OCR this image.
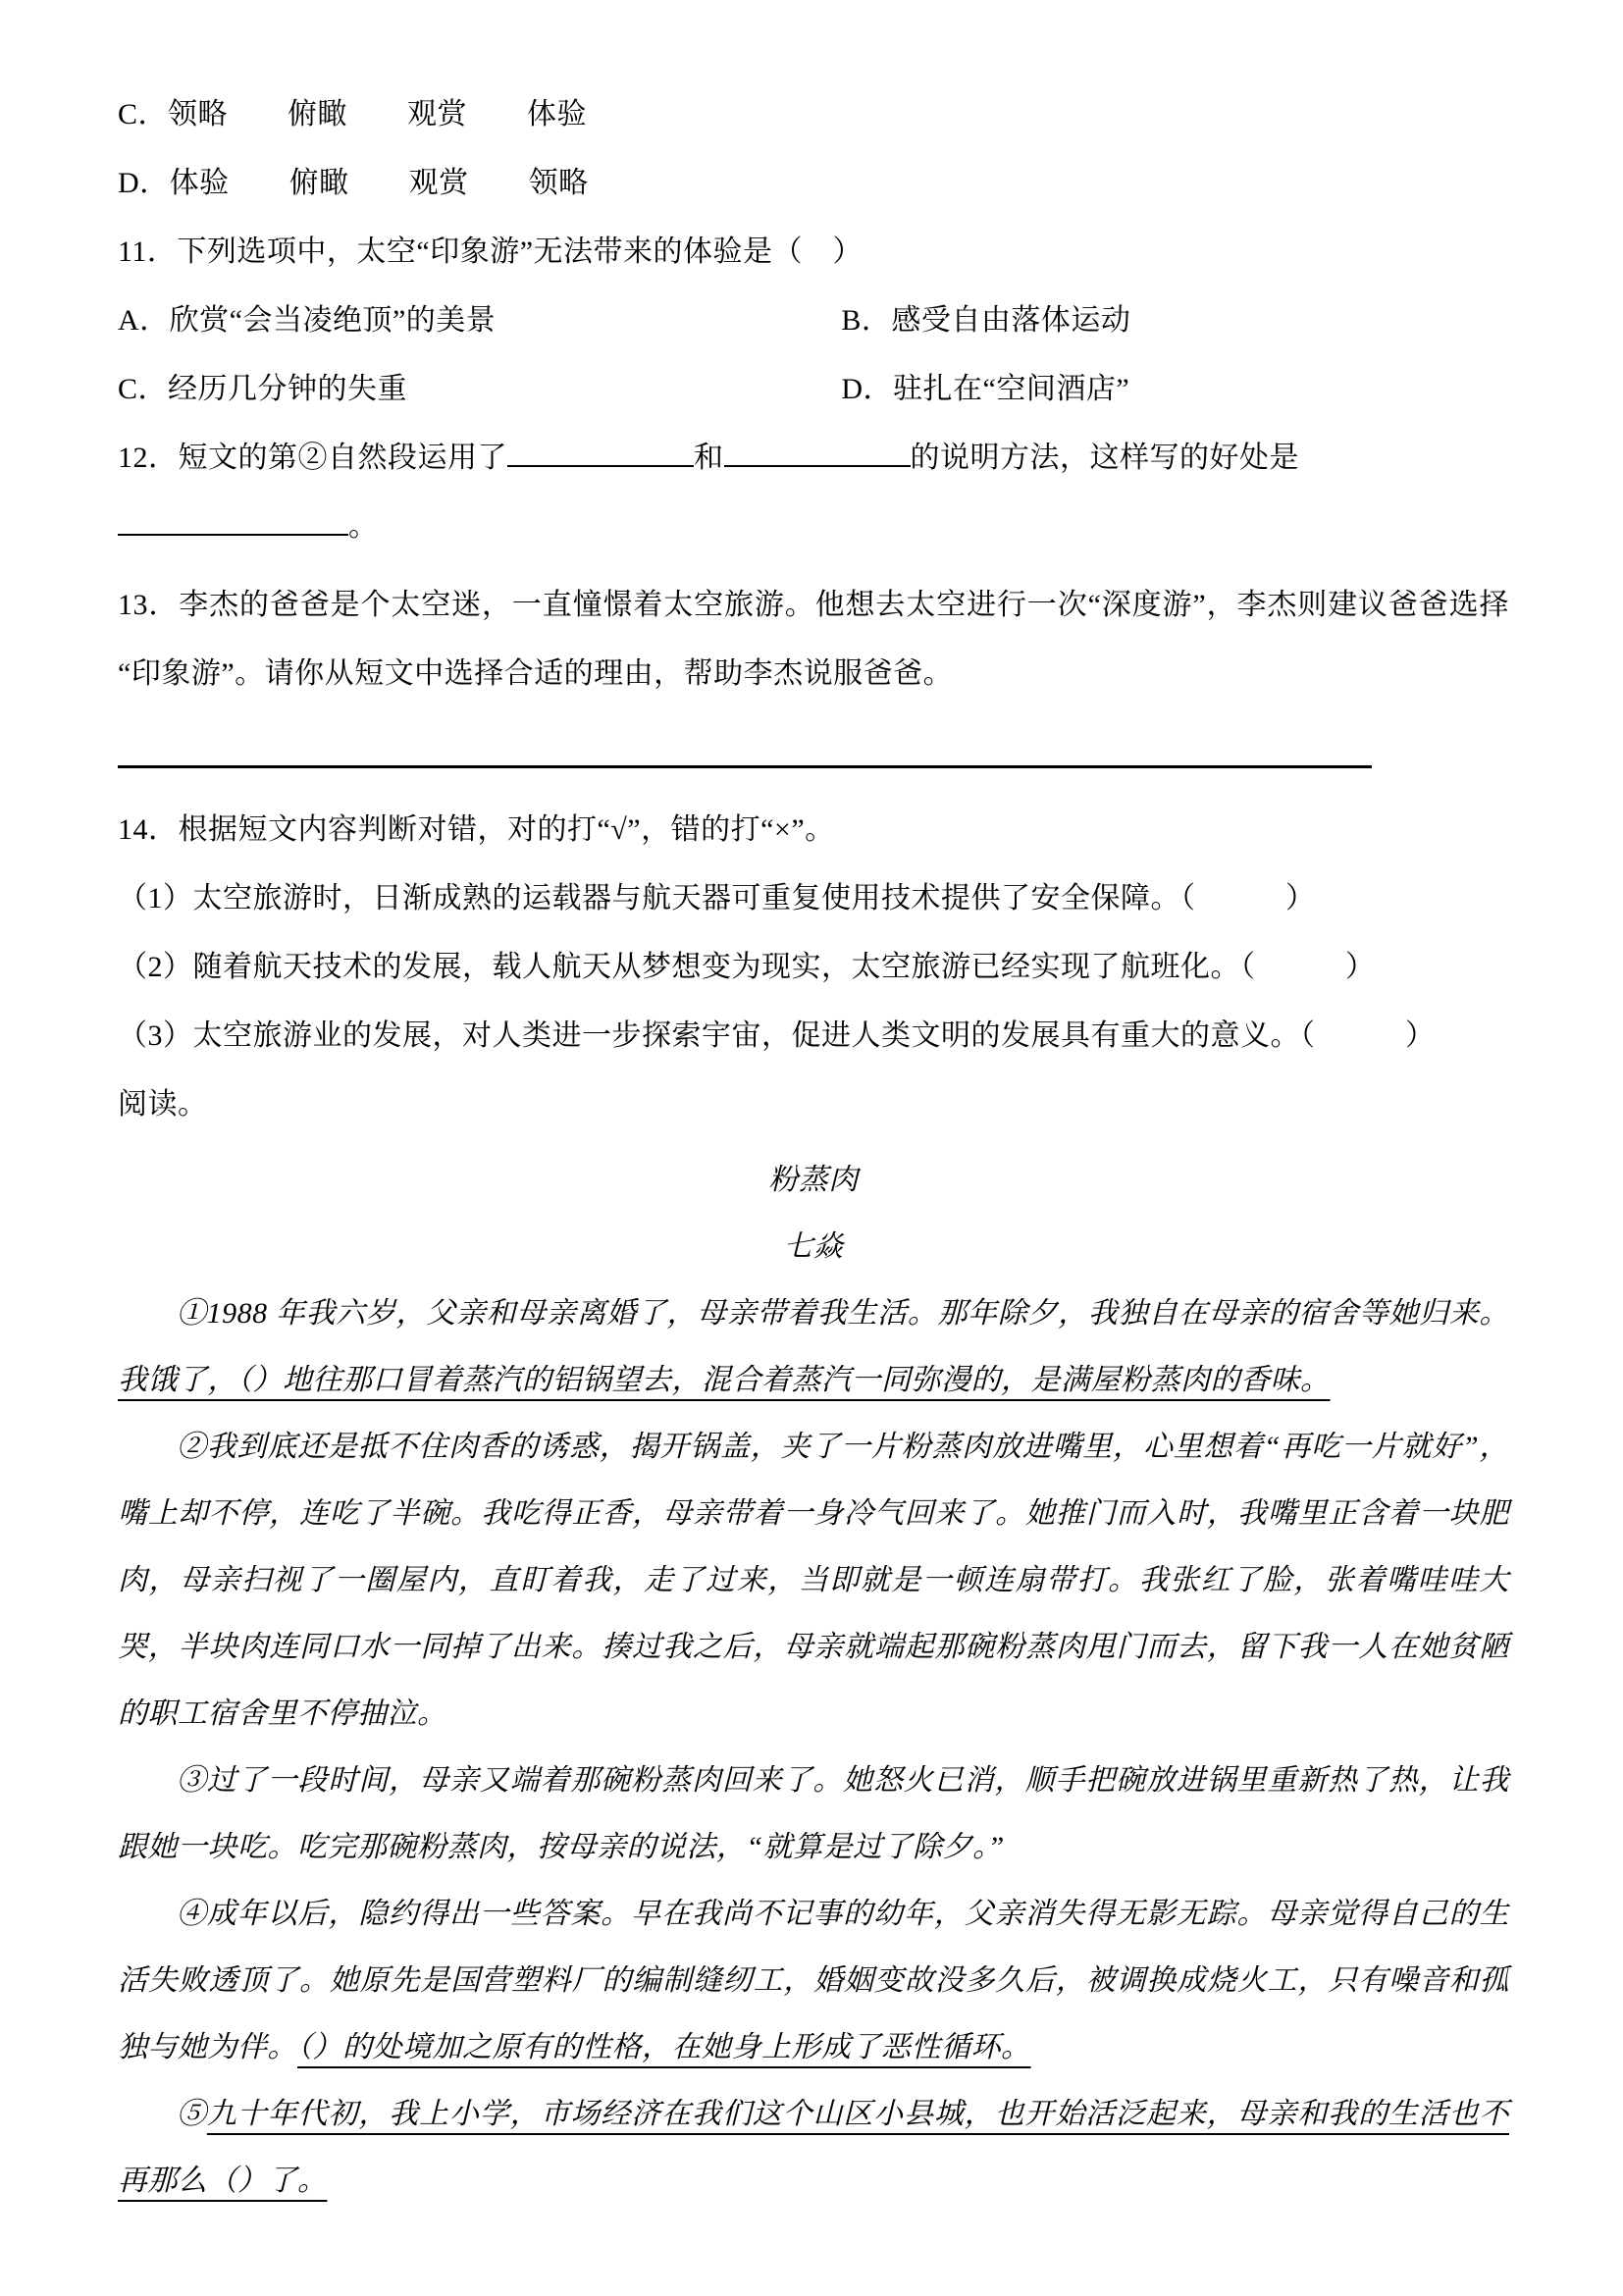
C．领略　　俯瞰　　观赏　　体验

D．体验　　俯瞰　　观赏　　领略

11．下列选项中，太空“印象游”无法带来的体验是（　）

A．欣赏“会当凌绝顶”的美景	B．感受自由落体运动

C．经历几分钟的失重	D．驻扎在“空间酒店”

12．短文的第②自然段运用了	和	的说明方法，这样写的好处是

。

13．李杰的爸爸是个太空迷，一直憧憬着太空旅游。他想去太空进行一次“深度游”，李杰则建议爸爸选择“印象游”。请你从短文中选择合适的理由，帮助李杰说服爸爸。

14．根据短文内容判断对错，对的打“√”，错的打“×”。

（1）太空旅游时，日渐成熟的运载器与航天器可重复使用技术提供了安全保障。（　　　）

（2）随着航天技术的发展，载人航天从梦想变为现实，太空旅游已经实现了航班化。（　　　）

（3）太空旅游业的发展，对人类进一步探索宇宙，促进人类文明的发展具有重大的意义。（　　　）

阅读。

粉蒸肉

七焱

①1988 年我六岁，父亲和母亲离婚了，母亲带着我生活。那年除夕，我独自在母亲的宿舍等她归来。我饿了，（）地往那口冒着蒸汽的铝锅望去，混合着蒸汽一同弥漫的，是满屋粉蒸肉的香味。

②我到底还是抵不住肉香的诱惑，揭开锅盖，夹了一片粉蒸肉放进嘴里，心里想着“再吃一片就好”，嘴上却不停，连吃了半碗。我吃得正香，母亲带着一身冷气回来了。她推门而入时，我嘴里正含着一块肥肉，母亲扫视了一圈屋内，直盯着我，走了过来，当即就是一顿连扇带打。我张红了脸，张着嘴哇哇大哭，半块肉连同口水一同掉了出来。揍过我之后，母亲就端起那碗粉蒸肉甩门而去，留下我一人在她贫陋的职工宿舍里不停抽泣。

③过了一段时间，母亲又端着那碗粉蒸肉回来了。她怒火已消，顺手把碗放进锅里重新热了热，让我跟她一块吃。吃完那碗粉蒸肉，按母亲的说法，“就算是过了除夕。”

④成年以后，隐约得出一些答案。早在我尚不记事的幼年，父亲消失得无影无踪。母亲觉得自己的生活失败透顶了。她原先是国营塑料厂的编制缝纫工，婚姻变故没多久后，被调换成烧火工，只有噪音和孤独与她为伴。（）的处境加之原有的性格，在她身上形成了恶性循环。

⑤九十年代初，我上小学，市场经济在我们这个山区小县城，也开始活泛起来，母亲和我的生活也不再那么（）了。
